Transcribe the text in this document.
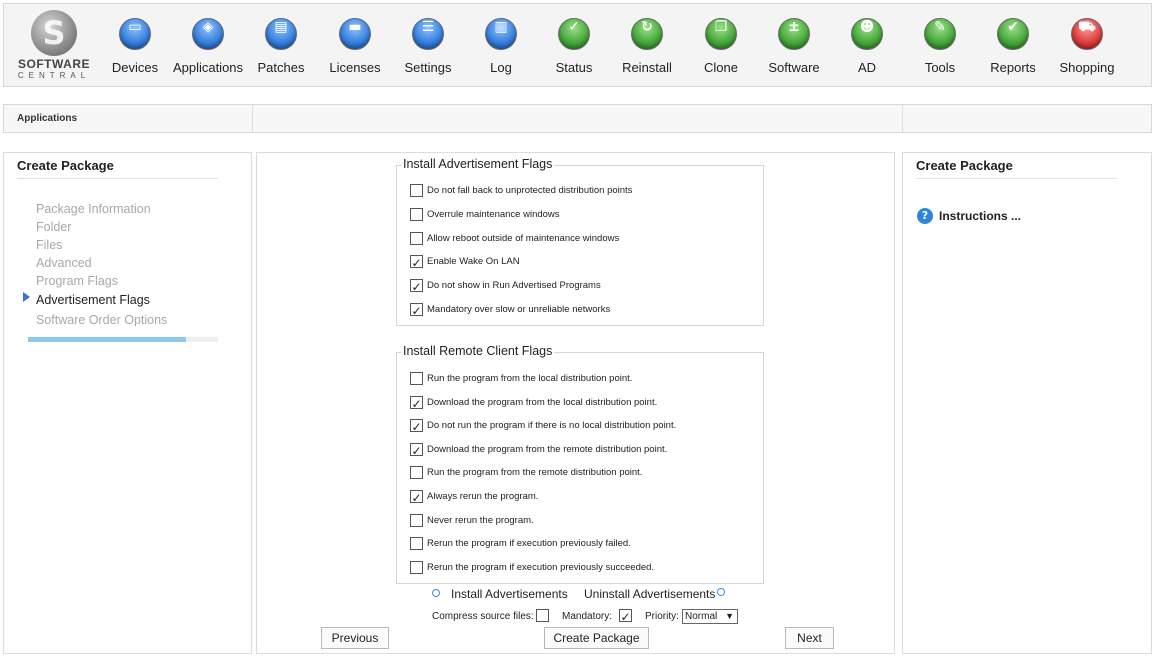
S
SOFTWARE
CENTRAL
▭
Devices
◈
Applications
▤
Patches
▬
Licenses
☰
Settings
▥
Log
✓
Status
↻
Reinstall
❐
Clone
±
Software
☻
AD
✎
Tools
✔
Reports
⛟
Shopping
Applications
Create Package
Package Information
Folder
Files
Advanced
Program Flags
Advertisement Flags
Software Order Options
Install Advertisement Flags
Do not fall back to unprotected distribution points
Overrule maintenance windows
Allow reboot outside of maintenance windows
✓ Enable Wake On LAN
✓ Do not show in Run Advertised Programs
✓ Mandatory over slow or unreliable networks
Install Remote Client Flags
Run the program from the local distribution point.
✓ Download the program from the local distribution point.
✓ Do not run the program if there is no local distribution point.
✓ Download the program from the remote distribution point.
Run the program from the remote distribution point.
✓ Always rerun the program.
Never rerun the program.
Rerun the program if execution previously failed.
Rerun the program if execution previously succeeded.
Install Advertisements Uninstall Advertisements
Compress source files:	Mandatory: ✓ Priority: Normal ▼
Previous	Create Package	Next
Create Package
? Instructions ...
